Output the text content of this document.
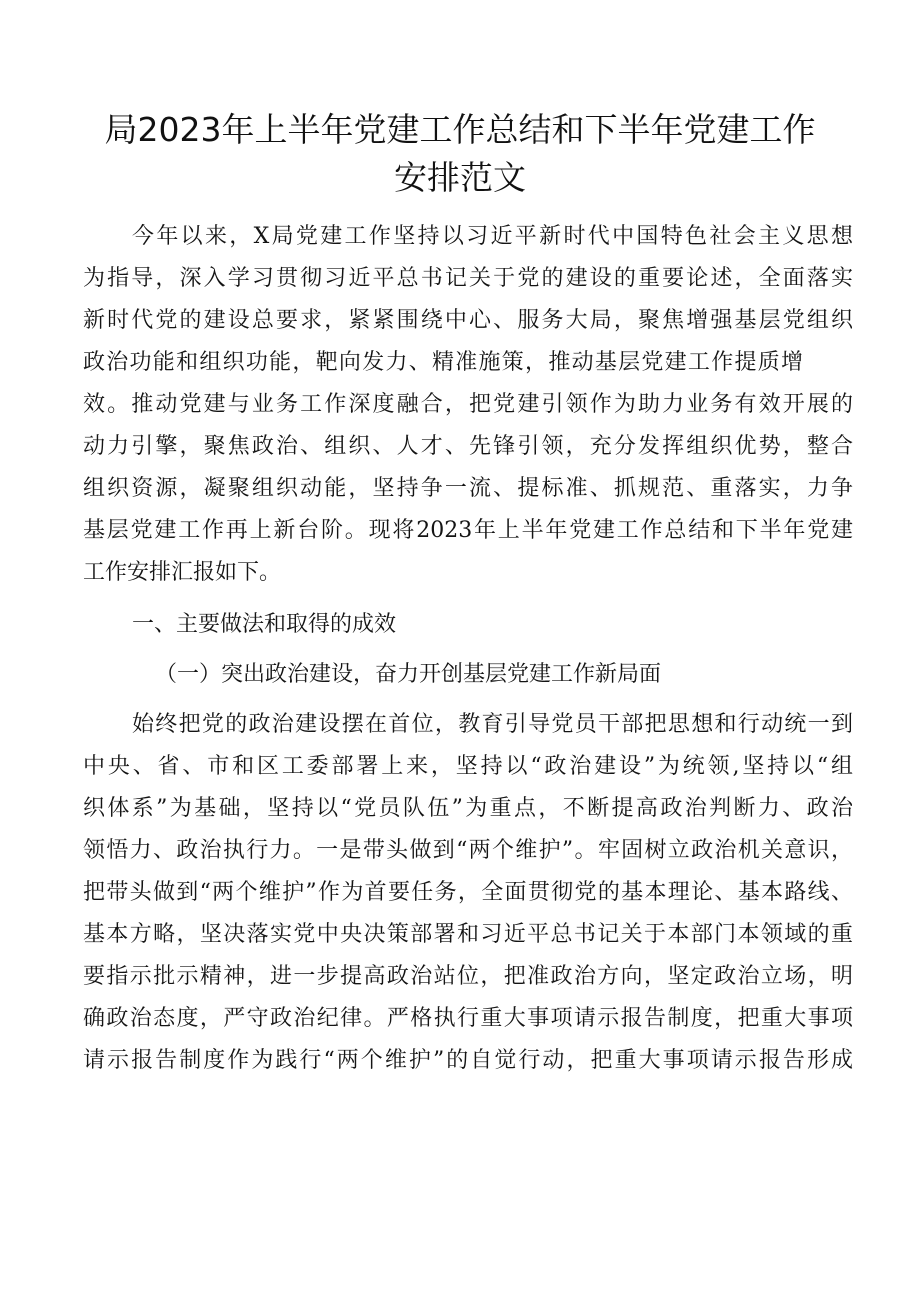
局2023年上半年党建工作总结和下半年党建工作
安排范文
今年以来，X局党建工作坚持以习近平新时代中国特色社会主义思想
为指导，深入学习贯彻习近平总书记关于党的建设的重要论述，全面落实
新时代党的建设总要求，紧紧围绕中心、服务大局，聚焦增强基层党组织
政治功能和组织功能，靶向发力、精准施策，推动基层党建工作提质增
效。推动党建与业务工作深度融合，把党建引领作为助力业务有效开展的
动力引擎，聚焦政治、组织、人才、先锋引领，充分发挥组织优势，整合
组织资源，凝聚组织动能，坚持争一流、提标准、抓规范、重落实，力争
基层党建工作再上新台阶。现将2023年上半年党建工作总结和下半年党建
工作安排汇报如下。
一、主要做法和取得的成效
（一）突出政治建设，奋力开创基层党建工作新局面
始终把党的政治建设摆在首位，教育引导党员干部把思想和行动统一到
中央、省、市和区工委部署上来，坚持以“政治建设”为统领,坚持以“组
织体系”为基础，坚持以“党员队伍”为重点，不断提高政治判断力、政治
领悟力、政治执行力。一是带头做到“两个维护”。牢固树立政治机关意识，
把带头做到“两个维护”作为首要任务，全面贯彻党的基本理论、基本路线、
基本方略，坚决落实党中央决策部署和习近平总书记关于本部门本领域的重
要指示批示精神，进一步提高政治站位，把准政治方向，坚定政治立场，明
确政治态度，严守政治纪律。严格执行重大事项请示报告制度，把重大事项
请示报告制度作为践行“两个维护”的自觉行动，把重大事项请示报告形成
